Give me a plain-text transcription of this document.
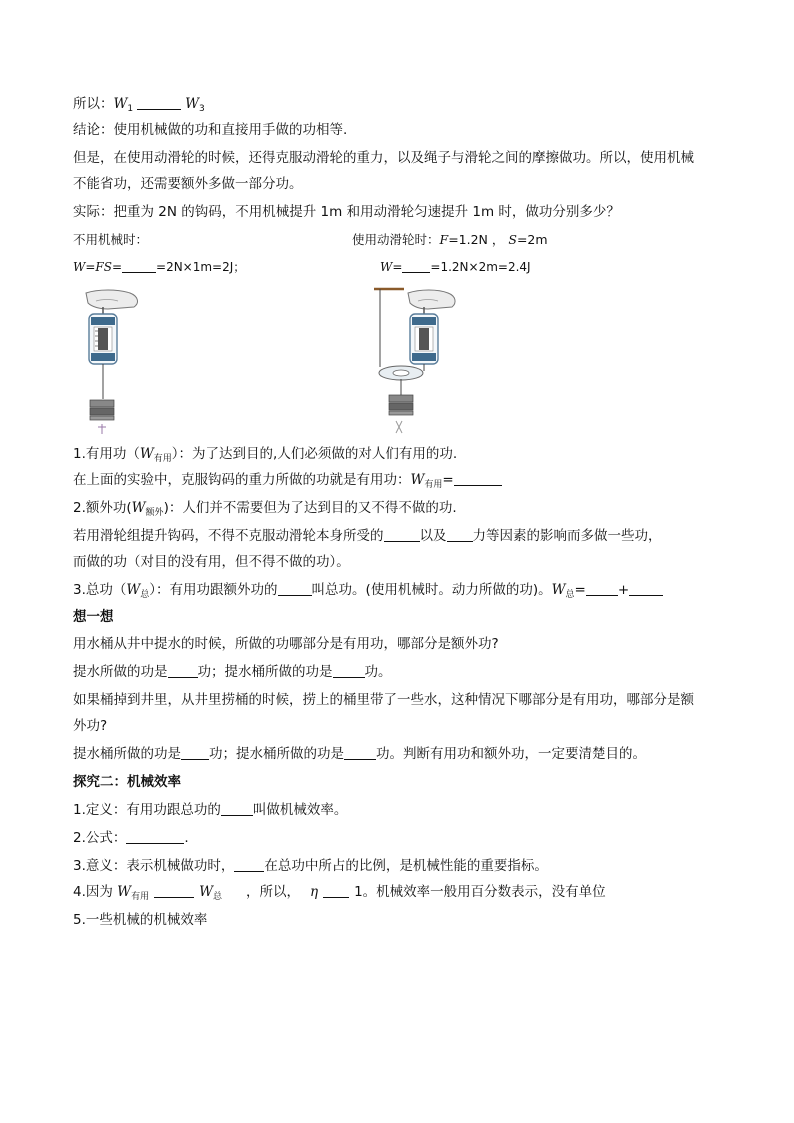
所以：$W_1$	$W_3$
结论：使用机械做的功和直接用手做的功相等.
但是，在使用动滑轮的时候，还得克服动滑轮的重力，以及绳子与滑轮之间的摩擦做功。所以，使用机械
不能省功，还需要额外多做一部分功。
实际：把重为 2N 的钩码，不用机械提升 1m 和用动滑轮匀速提升 1m 时，做功分别多少？
不用机械时：	使用动滑轮时：F=1.2N ， S=2m
W=FS=	=2N×1m=2J；	W= =1.2N×2m=2.4J
1.有用功$(W_{有用})$：为了达到目的,人们必须做的对人们有用的功.
在上面的实验中，克服钩码的重力所做的功就是有用功：$W_{有用}=$
2.额外功$(W_{额外})$：人们并不需要但为了达到目的又不得不做的功.
若用滑轮组提升钩码，不得不克服动滑轮本身所受的	以及 力等因素的影响而多做一些功，
而做的功（对目的没有用，但不得不做的功）。
3.总功$(W_总)$：有用功跟额外功的	叫总功。(使用机械时。动力所做的功)。$W_总=$ +
想一想
用水桶从井中提水的时候，所做的功哪部分是有用功，哪部分是额外功?
提水所做的功是 功；提水桶所做的功是 功。
如果桶掉到井里，从井里捞桶的时候，捞上的桶里带了一些水，这种情况下哪部分是有用功，哪部分是额
外功?
提水桶所做的功是 功；提水桶所做的功是 功。判断有用功和额外功，一定要清楚目的。
探究二：机械效率
1.定义：有用功跟总功的 叫做机械效率。
2.公式：	.
3.意义：表示机械做功时， 在总功中所占的比例，是机械性能的重要指标。
4.因为 $W_{有用}$	$W_总$ ，所以， η	1。机械效率一般用百分数表示，没有单位
5.一些机械的机械效率
